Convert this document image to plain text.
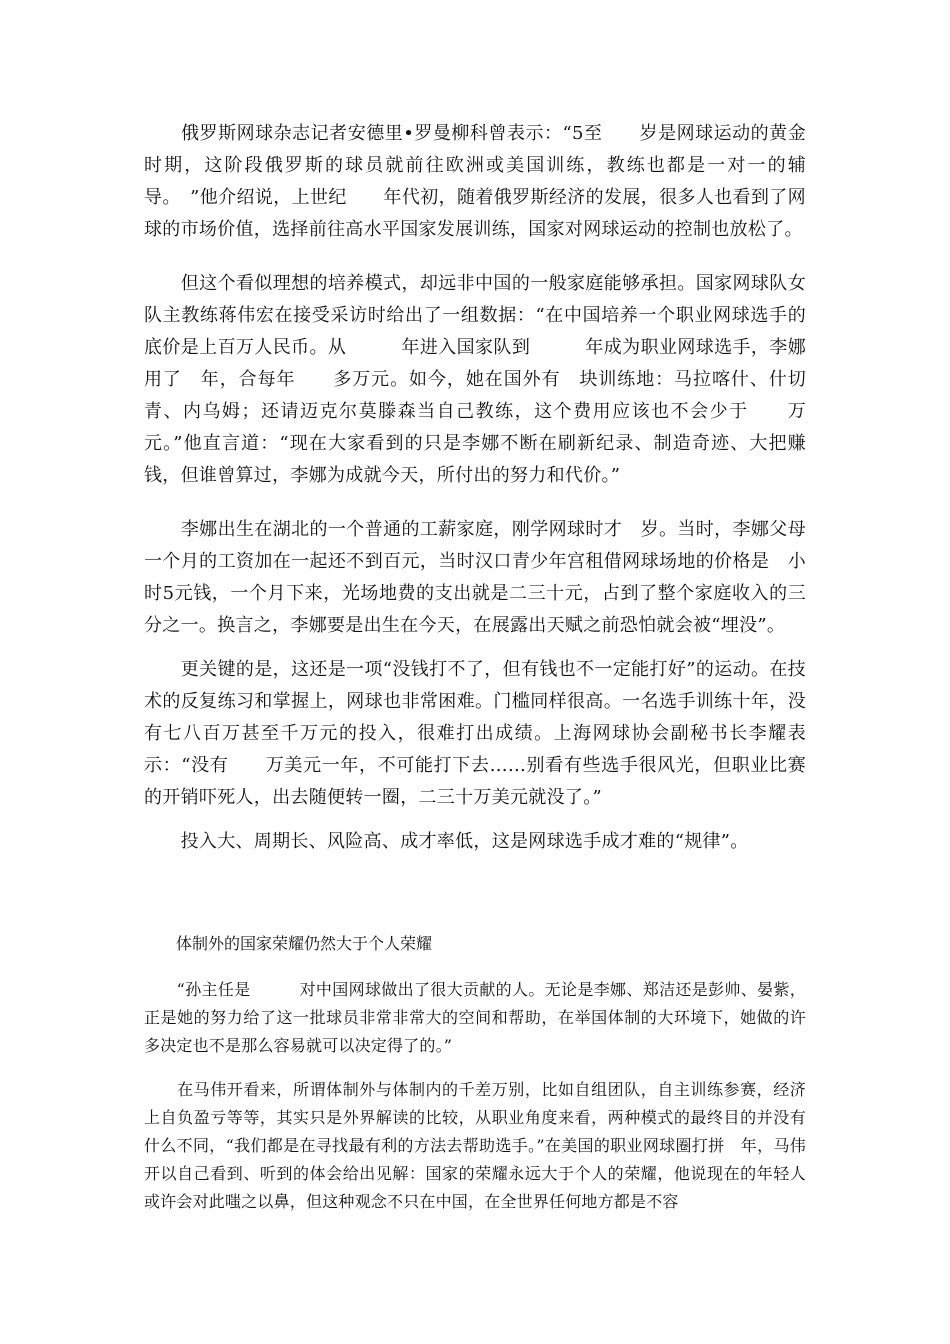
　　俄罗斯网球杂志记者安德里•罗曼柳科曾表示：“5至　　岁是网球运动的黄金时期，这阶段俄罗斯的球员就前往欧洲或美国训练，教练也都是一对一的辅导。　”他介绍说，上世纪　　年代初，随着俄罗斯经济的发展，很多人也看到了网球的市场价值，选择前往高水平国家发展训练，国家对网球运动的控制也放松了。

　　但这个看似理想的培养模式，却远非中国的一般家庭能够承担。国家网球队女队主教练蒋伟宏在接受采访时给出了一组数据：“在中国培养一个职业网球选手的底价是上百万人民币。从　　　年进入国家队到　　　年成为职业网球选手，李娜用了　年，合每年　　多万元。如今，她在国外有　块训练地：马拉喀什、什切青、内乌姆；还请迈克尔莫滕森当自己教练，这个费用应该也不会少于　　万元。”他直言道：“现在大家看到的只是李娜不断在刷新纪录、制造奇迹、大把赚钱，但谁曾算过，李娜为成就今天，所付出的努力和代价。”

　　李娜出生在湖北的一个普通的工薪家庭，刚学网球时才　岁。当时，李娜父母一个月的工资加在一起还不到百元，当时汉口青少年宫租借网球场地的价格是　小时5元钱，一个月下来，光场地费的支出就是二三十元，占到了整个家庭收入的三分之一。换言之，李娜要是出生在今天，在展露出天赋之前恐怕就会被“埋没”。

　　更关键的是，这还是一项“没钱打不了，但有钱也不一定能打好”的运动。在技术的反复练习和掌握上，网球也非常困难。门槛同样很高。一名选手训练十年，没有七八百万甚至千万元的投入，很难打出成绩。上海网球协会副秘书长李耀表示：“没有　　万美元一年，不可能打下去……别看有些选手很风光，但职业比赛的开销吓死人，出去随便转一圈，二三十万美元就没了。”

　　投入大、周期长、风险高、成才率低，这是网球选手成才难的“规律”。

体制外的国家荣耀仍然大于个人荣耀

　　“孙主任是　　　对中国网球做出了很大贡献的人。无论是李娜、郑洁还是彭帅、晏紫，正是她的努力给了这一批球员非常非常大的空间和帮助，在举国体制的大环境下，她做的许多决定也不是那么容易就可以决定得了的。”

　　在马伟开看来，所谓体制外与体制内的千差万别，比如自组团队，自主训练参赛，经济上自负盈亏等等，其实只是外界解读的比较，从职业角度来看，两种模式的最终目的并没有什么不同，“我们都是在寻找最有利的方法去帮助选手。”在美国的职业网球圈打拼　年，马伟开以自己看到、听到的体会给出见解：国家的荣耀永远大于个人的荣耀，他说现在的年轻人或许会对此嗤之以鼻，但这种观念不只在中国，在全世界任何地方都是不容
